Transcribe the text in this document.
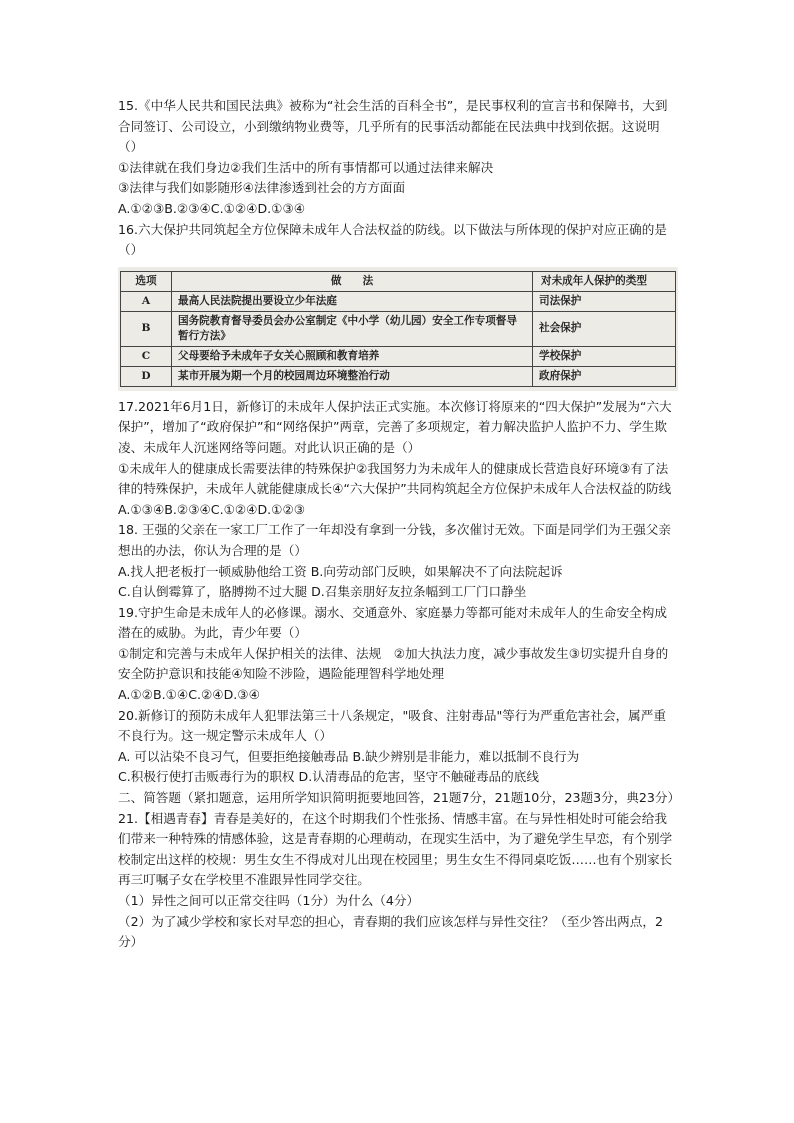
15.《中华人民共和国民法典》被称为“社会生活的百科全书”，是民事权利的宣言书和保障书，大到合同签订、公司设立，小到缴纳物业费等，几乎所有的民事活动都能在民法典中找到依据。这说明（）

①法律就在我们身边②我们生活中的所有事情都可以通过法律来解决

③法律与我们如影随形④法律渗透到社会的方方面面

A.①②③B.②③④C.①②④D.①③④

16.六大保护共同筑起全方位保障未成年人合法权益的防线。以下做法与所体现的保护对应正确的是（）

选项	做　　法	对未成年人保护的类型
A	最高人民法院提出要设立少年法庭	司法保护
B	国务院教育督导委员会办公室制定《中小学（幼儿园）安全工作专项督导暂行方法》	社会保护
C	父母要给予未成年子女关心照顾和教育培养	学校保护
D	某市开展为期一个月的校园周边环境整治行动	政府保护

17.2021年6月1日，新修订的未成年人保护法正式实施。本次修订将原来的“四大保护”发展为“六大保护”，增加了“政府保护”和“网络保护”两章，完善了多项规定，着力解决监护人监护不力、学生欺凌、未成年人沉迷网络等问题。对此认识正确的是（）

①未成年人的健康成长需要法律的特殊保护②我国努力为未成年人的健康成长营造良好环境③有了法律的特殊保护，未成年人就能健康成长④“六大保护”共同构筑起全方位保护未成年人合法权益的防线

A.①③④B.②③④C.①②④D.①②③

18. 王强的父亲在一家工厂工作了一年却没有拿到一分钱，多次催讨无效。下面是同学们为王强父亲想出的办法，你认为合理的是（）

A.找人把老板打一顿威胁他给工资 B.向劳动部门反映，如果解决不了向法院起诉

C.自认倒霉算了，胳膊拗不过大腿 D.召集亲朋好友拉条幅到工厂门口静坐

19.守护生命是未成年人的必修课。溺水、交通意外、家庭暴力等都可能对未成年人的生命安全构成潜在的威胁。为此，青少年要（）

①制定和完善与未成年人保护相关的法律、法规　②加大执法力度，减少事故发生③切实提升自身的安全防护意识和技能④知险不涉险，遇险能理智科学地处理

A.①②B.①④C.②④D.③④

20.新修订的预防未成年人犯罪法第三十八条规定，"吸食、注射毒品"等行为严重危害社会，属严重不良行为。这一规定警示未成年人（）

A. 可以沾染不良习气，但要拒绝接触毒品 B.缺少辨别是非能力，难以抵制不良行为

C.积极行使打击贩毒行为的职权 D.认清毒品的危害，坚守不触碰毒品的底线

二、简答题（紧扣题意，运用所学知识简明扼要地回答，21题7分，21题10分，23题3分，典23分）

21.【相遇青春】青春是美好的，在这个时期我们个性张扬、情感丰富。在与异性相处时可能会给我们带来一种特殊的情感体验，这是青春期的心理萌动，在现实生活中，为了避免学生早恋，有个别学校制定出这样的校规：男生女生不得成对儿出现在校园里；男生女生不得同桌吃饭……也有个别家长再三叮嘱子女在学校里不准跟异性同学交往。

（1）异性之间可以正常交往吗（1分）为什么（4分）

（2）为了减少学校和家长对早恋的担心，青春期的我们应该怎样与异性交往？（至少答出两点，2分）
